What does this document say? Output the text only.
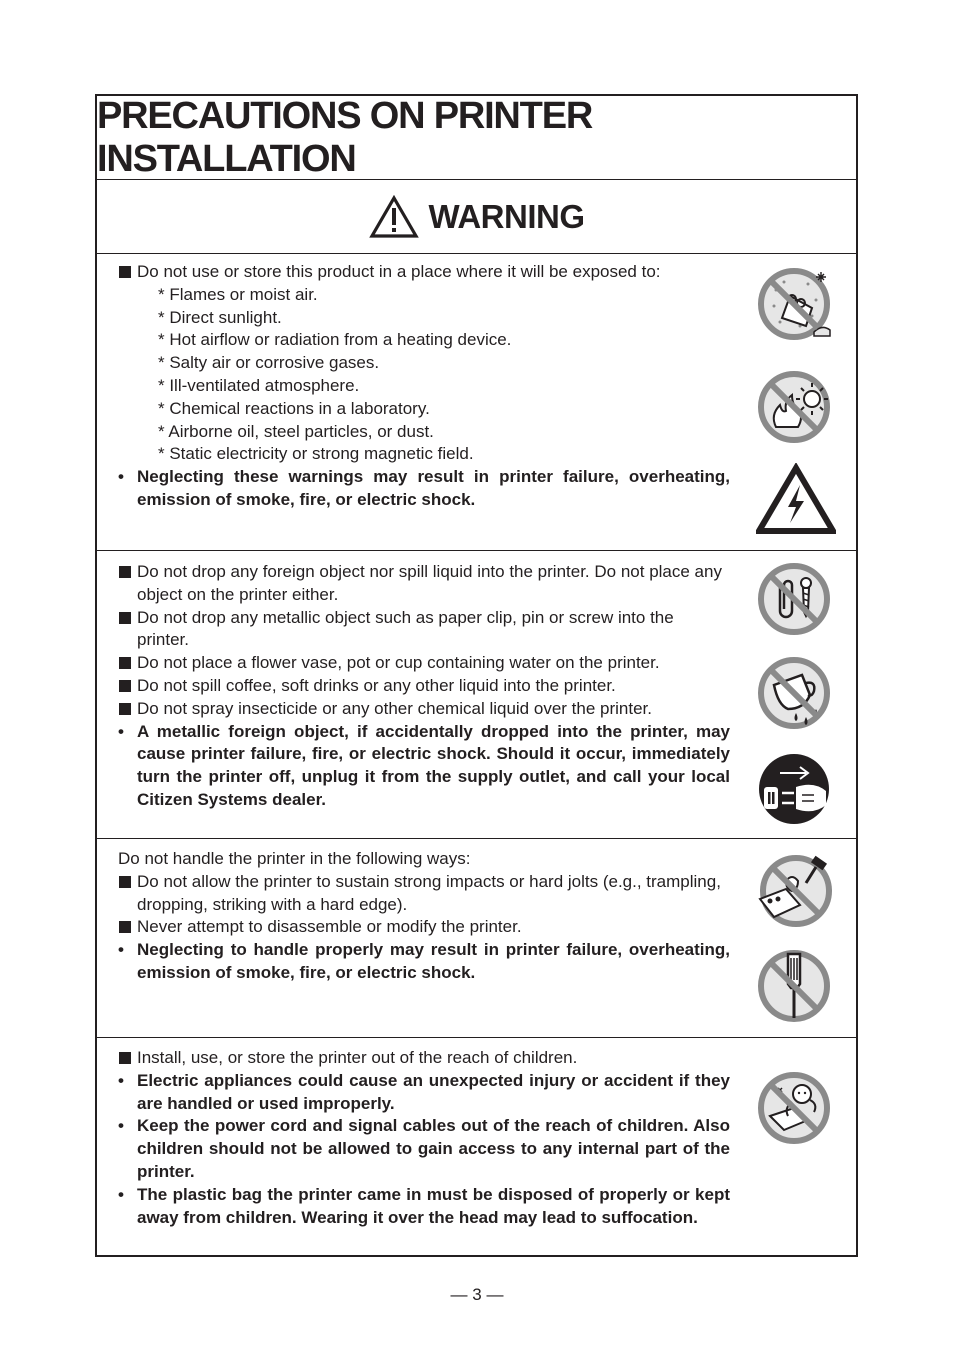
PRECAUTIONS ON PRINTER INSTALLATION
WARNING
Do not use or store this product in a place where it will be exposed to:
* Flames or moist air.
* Direct sunlight.
* Hot airflow or radiation from a heating device.
* Salty air or corrosive gases.
* Ill-ventilated atmosphere.
* Chemical reactions in a laboratory.
* Airborne oil, steel particles, or dust.
* Static electricity or strong magnetic field.
• Neglecting these warnings may result in printer failure, overheating, emission of smoke, fire, or electric shock.
Do not drop any foreign object nor spill liquid into the printer. Do not place any object on the printer either.
Do not drop any metallic object such as paper clip, pin or screw into the printer.
Do not place a flower vase, pot or cup containing water on the printer.
Do not spill coffee, soft drinks or any other liquid into the printer.
Do not spray insecticide or any other chemical liquid over the printer.
• A metallic foreign object, if accidentally dropped into the printer, may cause printer failure, fire, or electric shock. Should it occur, immediately turn the printer off, unplug it from the supply outlet, and call your local Citizen Systems dealer.
Do not handle the printer in the following ways:
Do not allow the printer to sustain strong impacts or hard jolts (e.g., trampling, dropping, striking with a hard edge).
Never attempt to disassemble or modify the printer.
• Neglecting to handle properly may result in printer failure, overheating, emission of smoke, fire, or electric shock.
Install, use, or store the printer out of the reach of children.
• Electric appliances could cause an unexpected injury or accident if they are handled or used improperly.
• Keep the power cord and signal cables out of the reach of children. Also children should not be allowed to gain access to any internal part of the printer.
• The plastic bag the printer came in must be disposed of properly or kept away from children. Wearing it over the head may lead to suffocation.
— 3 —
